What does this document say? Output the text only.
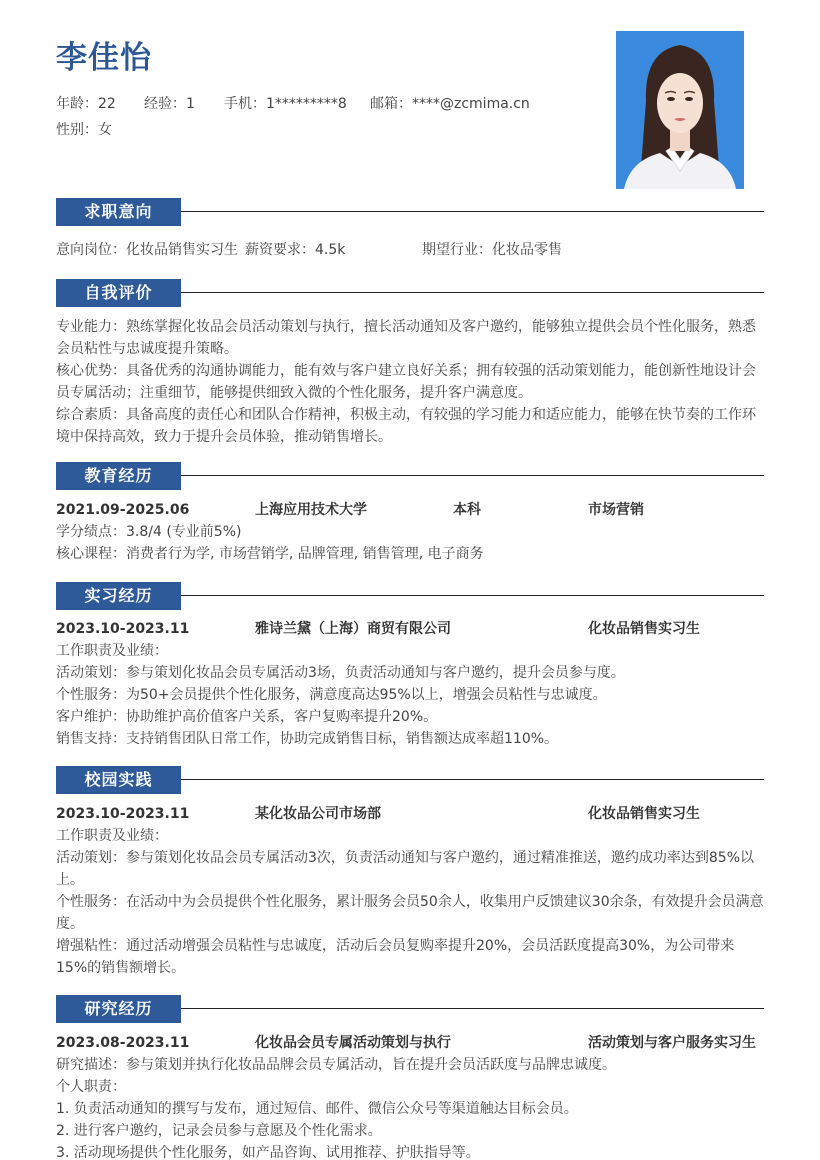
李佳怡
年龄：22 经验：1 手机：1*********8 邮箱：****@zcmima.cn
性别：女
求职意向
意向岗位：化妆品销售实习生 薪资要求：4.5k	期望行业：化妆品零售
自我评价
专业能力：熟练掌握化妆品会员活动策划与执行，擅长活动通知及客户邀约，能够独立提供会员个性化服务，熟悉会员粘性与忠诚度提升策略。
核心优势：具备优秀的沟通协调能力，能有效与客户建立良好关系；拥有较强的活动策划能力，能创新性地设计会员专属活动；注重细节，能够提供细致入微的个性化服务，提升客户满意度。
综合素质：具备高度的责任心和团队合作精神，积极主动，有较强的学习能力和适应能力，能够在快节奏的工作环境中保持高效，致力于提升会员体验，推动销售增长。
教育经历
2021.09-2025.06	上海应用技术大学	本科	市场营销
学分绩点：3.8/4 (专业前5%)
核心课程：消费者行为学, 市场营销学, 品牌管理, 销售管理, 电子商务
实习经历
2023.10-2023.11	雅诗兰黛（上海）商贸有限公司	化妆品销售实习生
工作职责及业绩：
活动策划：参与策划化妆品会员专属活动3场，负责活动通知与客户邀约，提升会员参与度。
个性服务：为50+会员提供个性化服务，满意度高达95%以上，增强会员粘性与忠诚度。
客户维护：协助维护高价值客户关系，客户复购率提升20%。
销售支持：支持销售团队日常工作，协助完成销售目标，销售额达成率超110%。
校园实践
2023.10-2023.11	某化妆品公司市场部	化妆品销售实习生
工作职责及业绩：
活动策划：参与策划化妆品会员专属活动3次，负责活动通知与客户邀约，通过精准推送，邀约成功率达到85%以上。
个性服务：在活动中为会员提供个性化服务，累计服务会员50余人，收集用户反馈建议30余条，有效提升会员满意度。
增强粘性：通过活动增强会员粘性与忠诚度，活动后会员复购率提升20%，会员活跃度提高30%，为公司带来15%的销售额增长。
研究经历
2023.08-2023.11	化妆品会员专属活动策划与执行	活动策划与客户服务实习生
研究描述：参与策划并执行化妆品品牌会员专属活动，旨在提升会员活跃度与品牌忠诚度。
个人职责：
1. 负责活动通知的撰写与发布，通过短信、邮件、微信公众号等渠道触达目标会员。
2. 进行客户邀约，记录会员参与意愿及个性化需求。
3. 活动现场提供个性化服务，如产品咨询、试用推荐、护肤指导等。
